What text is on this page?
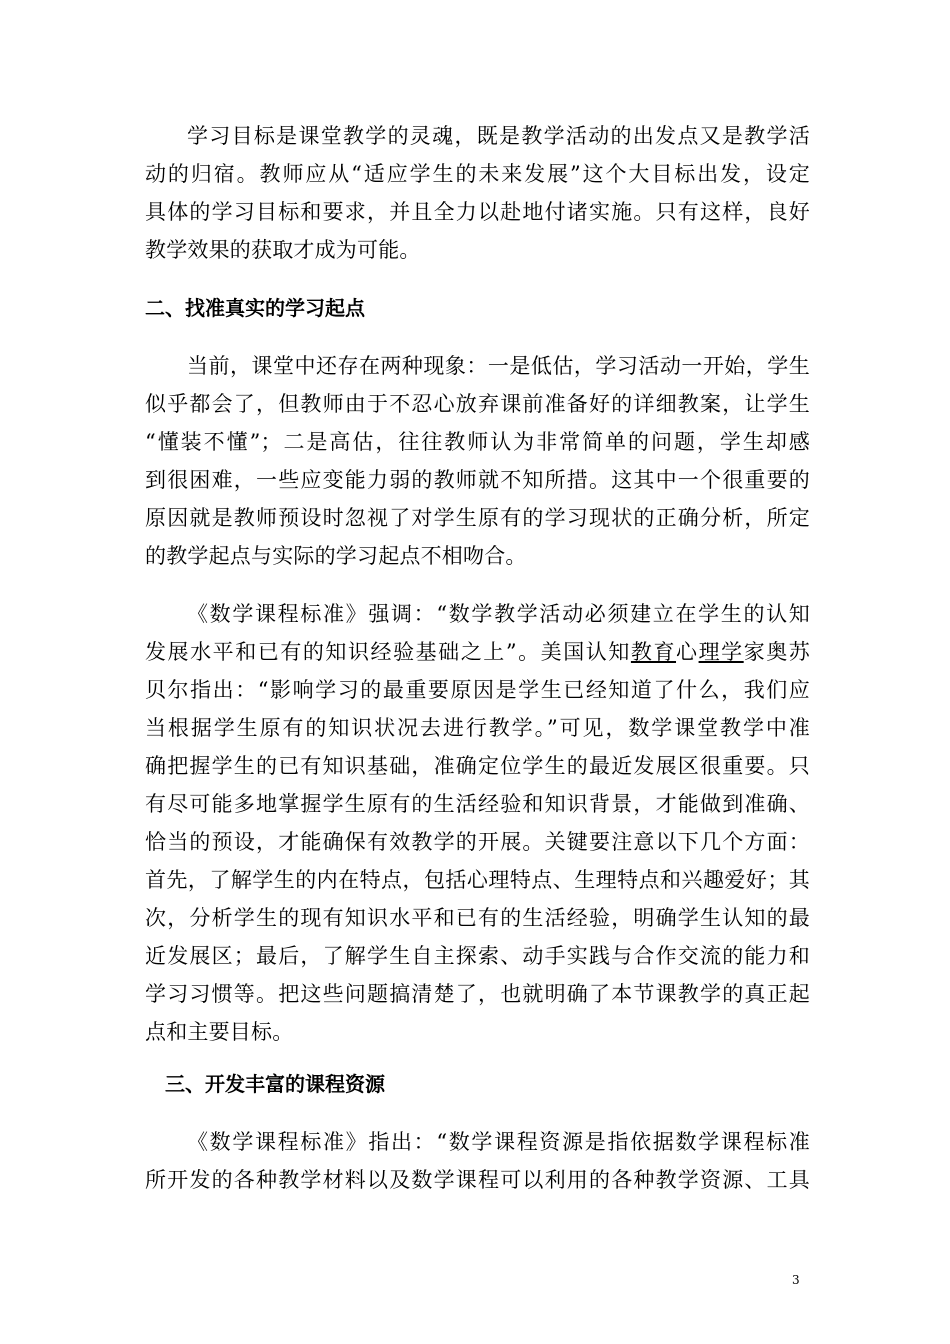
学习目标是课堂教学的灵魂，既是教学活动的出发点又是教学活
动的归宿。教师应从“适应学生的未来发展”这个大目标出发，设定
具体的学习目标和要求，并且全力以赴地付诸实施。只有这样，良好
教学效果的获取才成为可能。
二、找准真实的学习起点
当前，课堂中还存在两种现象：一是低估，学习活动一开始，学生
似乎都会了，但教师由于不忍心放弃课前准备好的详细教案，让学生
“懂装不懂”；二是高估，往往教师认为非常简单的问题，学生却感
到很困难，一些应变能力弱的教师就不知所措。这其中一个很重要的
原因就是教师预设时忽视了对学生原有的学习现状的正确分析，所定
的教学起点与实际的学习起点不相吻合。
《数学课程标准》强调：“数学教学活动必须建立在学生的认知
发展水平和已有的知识经验基础之上”。美国认知教育心理学家奥苏
贝尔指出：“影响学习的最重要原因是学生已经知道了什么，我们应
当根据学生原有的知识状况去进行教学。”可见，数学课堂教学中准
确把握学生的已有知识基础，准确定位学生的最近发展区很重要。只
有尽可能多地掌握学生原有的生活经验和知识背景，才能做到准确、
恰当的预设，才能确保有效教学的开展。关键要注意以下几个方面：
首先，了解学生的内在特点，包括心理特点、生理特点和兴趣爱好；其
次，分析学生的现有知识水平和已有的生活经验，明确学生认知的最
近发展区；最后，了解学生自主探索、动手实践与合作交流的能力和
学习习惯等。把这些问题搞清楚了，也就明确了本节课教学的真正起
点和主要目标。
三、开发丰富的课程资源
《数学课程标准》指出：“数学课程资源是指依据数学课程标准
所开发的各种教学材料以及数学课程可以利用的各种教学资源、工具
3
